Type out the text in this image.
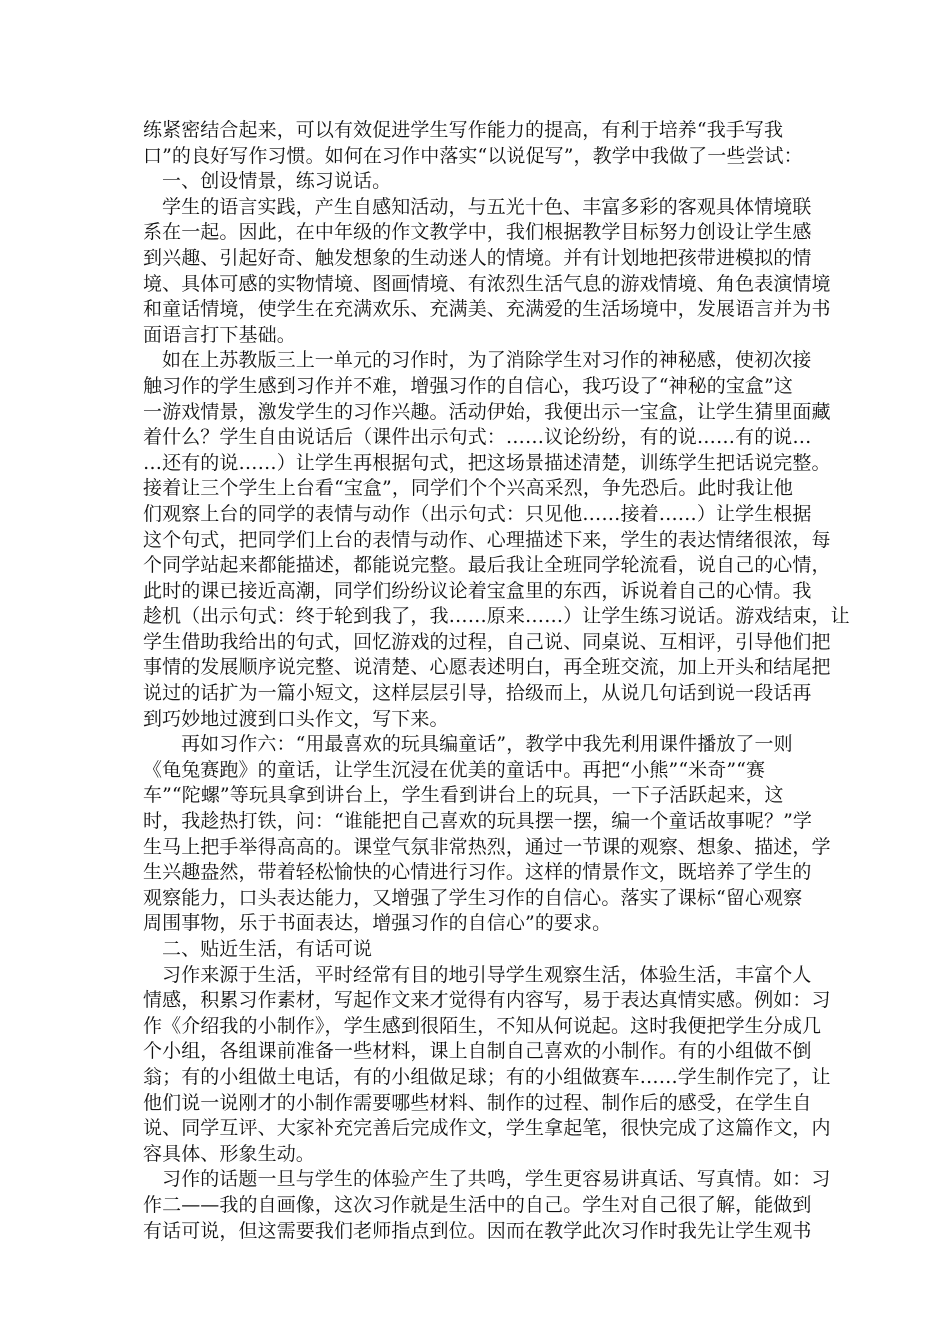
练紧密结合起来，可以有效促进学生写作能力的提高，有利于培养“我手写我
口”的良好写作习惯。如何在习作中落实“以说促写”，教学中我做了一些尝试：
一、创设情景，练习说话。
学生的语言实践，产生自感知活动，与五光十色、丰富多彩的客观具体情境联
系在一起。因此，在中年级的作文教学中，我们根据教学目标努力创设让学生感
到兴趣、引起好奇、触发想象的生动迷人的情境。并有计划地把孩带进模拟的情
境、具体可感的实物情境、图画情境、有浓烈生活气息的游戏情境、角色表演情境
和童话情境，使学生在充满欢乐、充满美、充满爱的生活场境中，发展语言并为书
面语言打下基础。
如在上苏教版三上一单元的习作时，为了消除学生对习作的神秘感，使初次接
触习作的学生感到习作并不难，增强习作的自信心，我巧设了“神秘的宝盒”这
一游戏情景，激发学生的习作兴趣。活动伊始，我便出示一宝盒，让学生猜里面藏
着什么？学生自由说话后（课件出示句式：……议论纷纷，有的说……有的说…
…还有的说……）让学生再根据句式，把这场景描述清楚，训练学生把话说完整。
接着让三个学生上台看“宝盒”，同学们个个兴高采烈，争先恐后。此时我让他
们观察上台的同学的表情与动作（出示句式：只见他……接着……）让学生根据
这个句式，把同学们上台的表情与动作、心理描述下来，学生的表达情绪很浓，每
个同学站起来都能描述，都能说完整。最后我让全班同学轮流看，说自己的心情，
此时的课已接近高潮，同学们纷纷议论着宝盒里的东西，诉说着自己的心情。我
趁机（出示句式：终于轮到我了，我……原来……）让学生练习说话。游戏结束，让
学生借助我给出的句式，回忆游戏的过程，自己说、同桌说、互相评，引导他们把
事情的发展顺序说完整、说清楚、心愿表述明白，再全班交流，加上开头和结尾把
说过的话扩为一篇小短文，这样层层引导，拾级而上，从说几句话到说一段话再
到巧妙地过渡到口头作文，写下来。
再如习作六：“用最喜欢的玩具编童话”，教学中我先利用课件播放了一则
《龟兔赛跑》的童话，让学生沉浸在优美的童话中。再把“小熊”“米奇”“赛
车”“陀螺”等玩具拿到讲台上，学生看到讲台上的玩具，一下子活跃起来，这
时，我趁热打铁，问：“谁能把自己喜欢的玩具摆一摆，编一个童话故事呢？”学
生马上把手举得高高的。课堂气氛非常热烈，通过一节课的观察、想象、描述，学
生兴趣盎然，带着轻松愉快的心情进行习作。这样的情景作文，既培养了学生的
观察能力，口头表达能力，又增强了学生习作的自信心。落实了课标“留心观察
周围事物，乐于书面表达，增强习作的自信心”的要求。
二、贴近生活，有话可说
习作来源于生活，平时经常有目的地引导学生观察生活，体验生活，丰富个人
情感，积累习作素材，写起作文来才觉得有内容写，易于表达真情实感。例如：习
作《介绍我的小制作》，学生感到很陌生，不知从何说起。这时我便把学生分成几
个小组，各组课前准备一些材料，课上自制自己喜欢的小制作。有的小组做不倒
翁；有的小组做土电话，有的小组做足球；有的小组做赛车……学生制作完了，让
他们说一说刚才的小制作需要哪些材料、制作的过程、制作后的感受，在学生自
说、同学互评、大家补充完善后完成作文，学生拿起笔，很快完成了这篇作文，内
容具体、形象生动。
习作的话题一旦与学生的体验产生了共鸣，学生更容易讲真话、写真情。如：习
作二——我的自画像，这次习作就是生活中的自己。学生对自己很了解，能做到
有话可说，但这需要我们老师指点到位。因而在教学此次习作时我先让学生观书
